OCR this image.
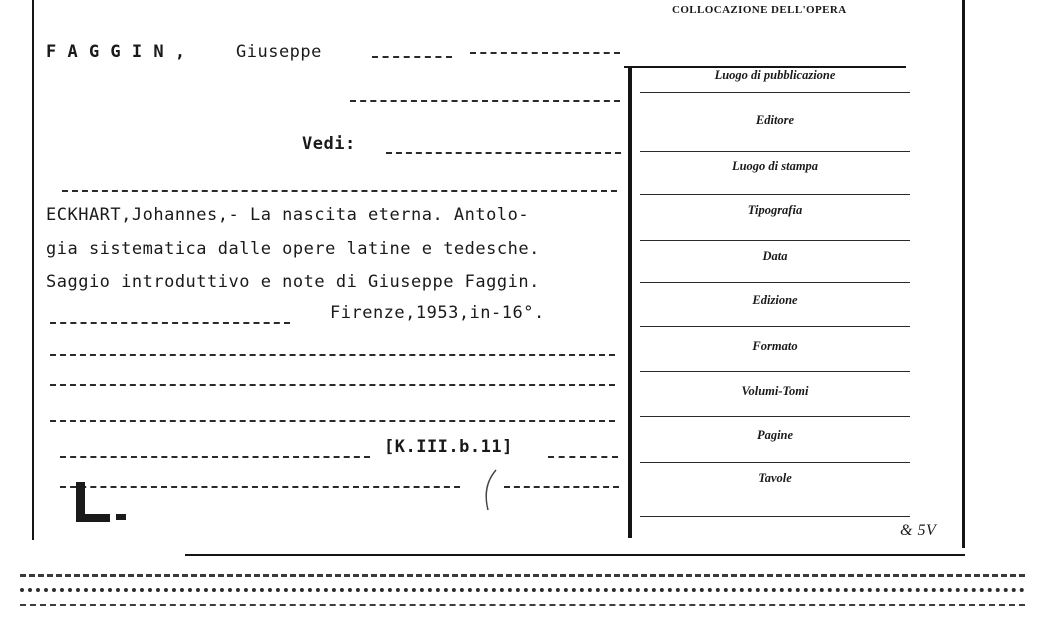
COLLOCAZIONE DELL'OPERA
F A G G I N ,	Giuseppe
Vedi:
ECKHART,Johannes,- La nascita eterna. Antolo-
gia sistematica dalle opere latine e tedesche.
Saggio introduttivo e note di Giuseppe Faggin.
Firenze,1953,in-16°.
[K.III.b.11]
Luogo di pubblicazione
Editore
Luogo di stampa
Tipografia
Data
Edizione
Formato
Volumi-Tomi
Pagine
Tavole
& 5V
